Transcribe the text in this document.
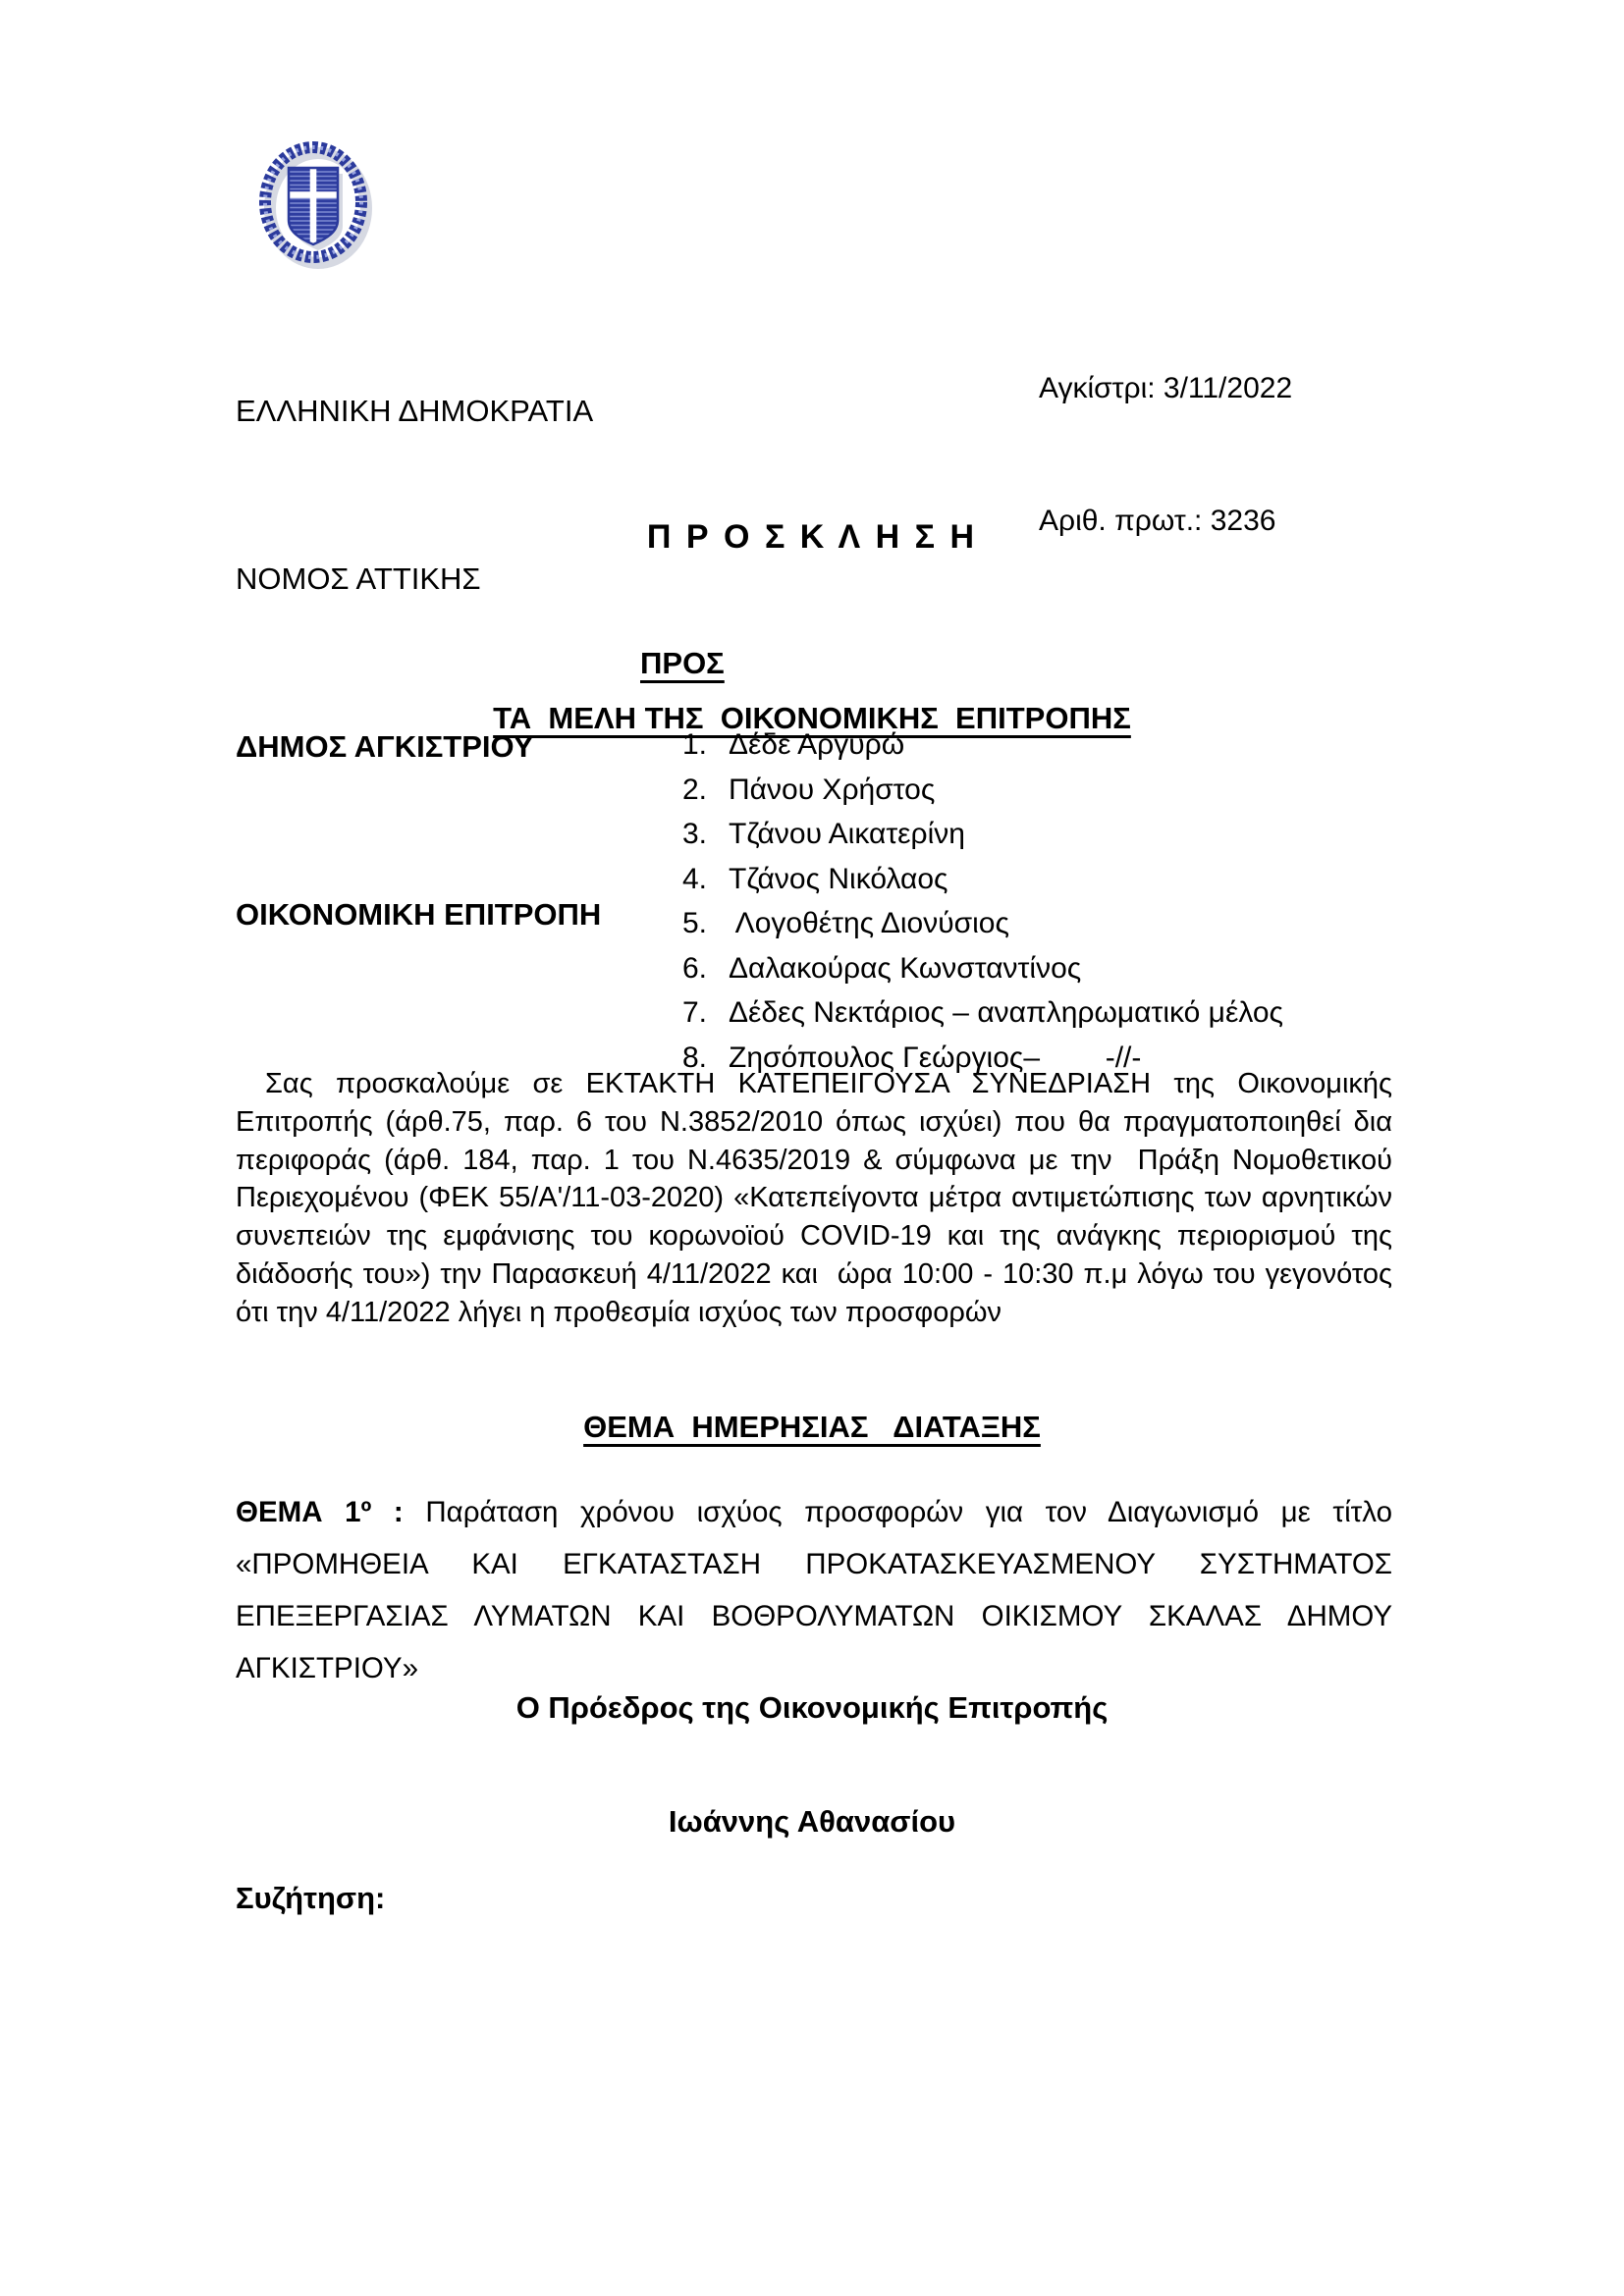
ΕΛΛΗΝΙΚΗ ΔΗΜΟΚΡΑΤΙΑ

ΝΟΜΟΣ ΑΤΤΙΚΗΣ

ΔΗΜΟΣ ΑΓΚΙΣΤΡΙΟΥ

ΟΙΚΟΝΟΜΙΚΗ ΕΠΙΤΡΟΠΗ

Αγκίστρι: 3/11/2022

Αριθ. πρωτ.: 3236

Π Ρ Ο Σ Κ Λ Η Σ Η
ΠΡΟΣ
ΤΑ  ΜΕΛΗ ΤΗΣ  ΟΙΚΟΝΟΜΙΚΗΣ  ΕΠΙΤΡΟΠΗΣ
1. Δέδε Αργυρώ
2. Πάνου Χρήστος
3. Τζάνου Αικατερίνη
4. Τζάνος Νικόλαος
5. Λογοθέτης Διονύσιος
6. Δαλακούρας Κωνσταντίνος
7. Δέδες Νεκτάριος – αναπληρωματικό μέλος
8. Ζησόπουλος Γεώργιος–        -//-
Σας προσκαλούμε σε ΕΚΤΑΚΤΗ ΚΑΤΕΠΕΙΓΟΥΣΑ ΣΥΝΕΔΡΙΑΣΗ της Οικονομικής Επιτροπής (άρθ.75, παρ. 6 του Ν.3852/2010 όπως ισχύει) που θα πραγματοποιηθεί δια περιφοράς (άρθ. 184, παρ. 1 του Ν.4635/2019 & σύμφωνα με την  Πράξη Νομοθετικού Περιεχομένου (ΦΕΚ 55/Α'/11-03-2020) «Κατεπείγοντα μέτρα αντιμετώπισης των αρνητικών συνεπειών της εμφάνισης του κορωνοϊού COVID-19 και της ανάγκης περιορισμού της διάδοσής του») την Παρασκευή 4/11/2022 και  ώρα 10:00 - 10:30 π.μ λόγω του γεγονότος ότι την 4/11/2022 λήγει η προθεσμία ισχύος των προσφορών
ΘΕΜΑ  ΗΜΕΡΗΣΙΑΣ   ΔΙΑΤΑΞΗΣ
ΘΕΜΑ 1º : Παράταση χρόνου ισχύος προσφορών για τον Διαγωνισμό με τίτλο «ΠΡΟΜΗΘΕΙΑ ΚΑΙ ΕΓΚΑΤΑΣΤΑΣΗ ΠΡΟΚΑΤΑΣΚΕΥΑΣΜΕΝΟΥ ΣΥΣΤΗΜΑΤΟΣ ΕΠΕΞΕΡΓΑΣΙΑΣ ΛΥΜΑΤΩΝ ΚΑΙ ΒΟΘΡΟΛΥΜΑΤΩΝ ΟΙΚΙΣΜΟΥ ΣΚΑΛΑΣ ΔΗΜΟΥ ΑΓΚΙΣΤΡΙΟΥ»
Ο Πρόεδρος της Οικονομικής Επιτροπής
Ιωάννης Αθανασίου
Συζήτηση:
